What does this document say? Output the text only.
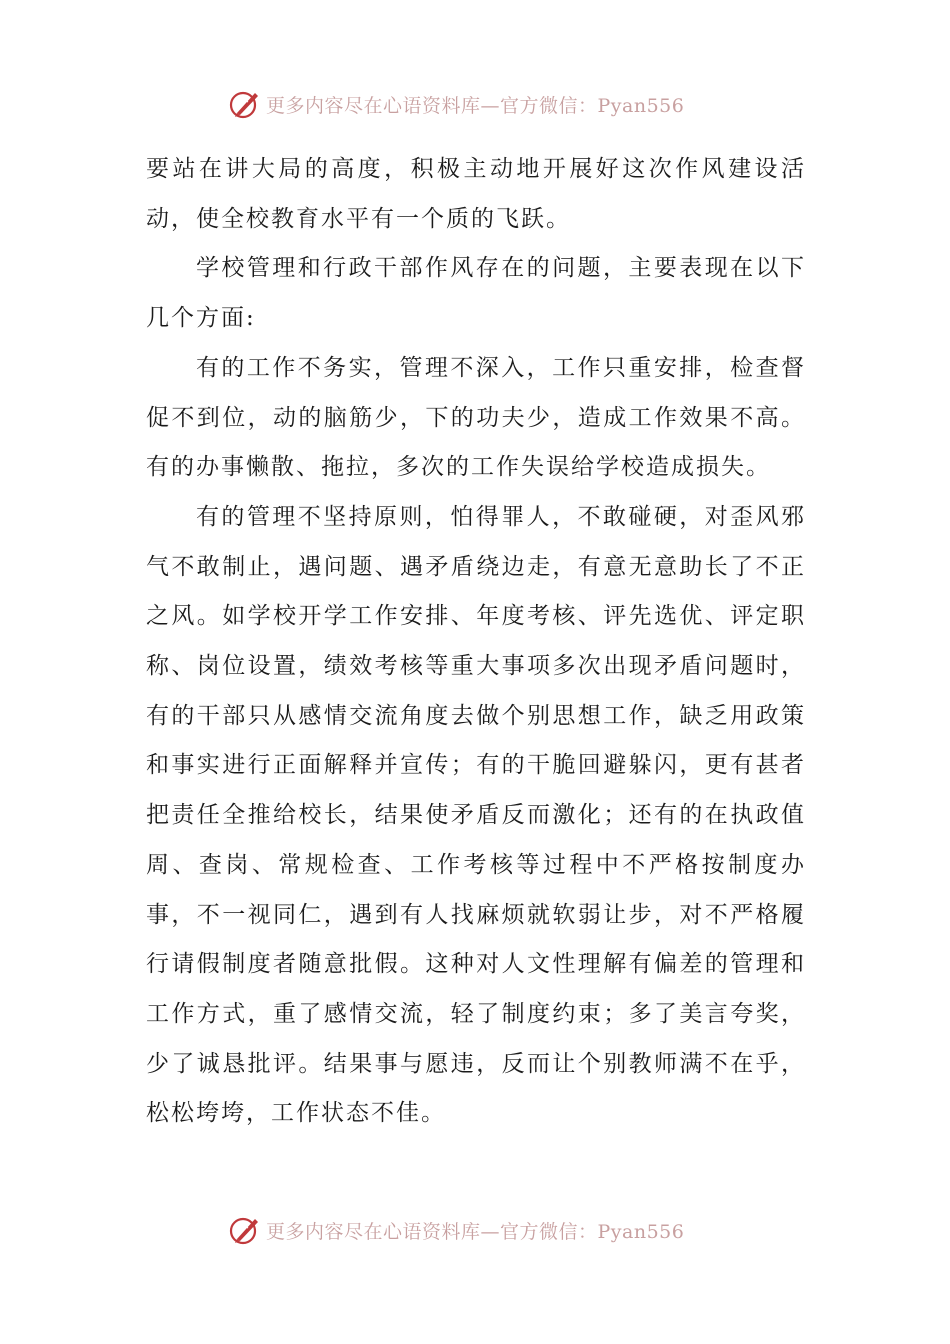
更多内容尽在心语资料库—官方微信：Pyan556

要站在讲大局的高度，积极主动地开展好这次作风建设活动，使全校教育水平有一个质的飞跃。

学校管理和行政干部作风存在的问题，主要表现在以下几个方面:

有的工作不务实，管理不深入，工作只重安排，检查督促不到位，动的脑筋少，下的功夫少，造成工作效果不高。有的办事懒散、拖拉，多次的工作失误给学校造成损失。

有的管理不坚持原则，怕得罪人，不敢碰硬，对歪风邪气不敢制止，遇问题、遇矛盾绕边走，有意无意助长了不正之风。如学校开学工作安排、年度考核、评先选优、评定职称、岗位设置，绩效考核等重大事项多次出现矛盾问题时，有的干部只从感情交流角度去做个别思想工作，缺乏用政策和事实进行正面解释并宣传；有的干脆回避躲闪，更有甚者把责任全推给校长，结果使矛盾反而激化；还有的在执政值周、查岗、常规检查、工作考核等过程中不严格按制度办事，不一视同仁，遇到有人找麻烦就软弱让步，对不严格履行请假制度者随意批假。这种对人文性理解有偏差的管理和工作方式，重了感情交流，轻了制度约束；多了美言夸奖，少了诚恳批评。结果事与愿违，反而让个别教师满不在乎，松松垮垮，工作状态不佳。

更多内容尽在心语资料库—官方微信：Pyan556
